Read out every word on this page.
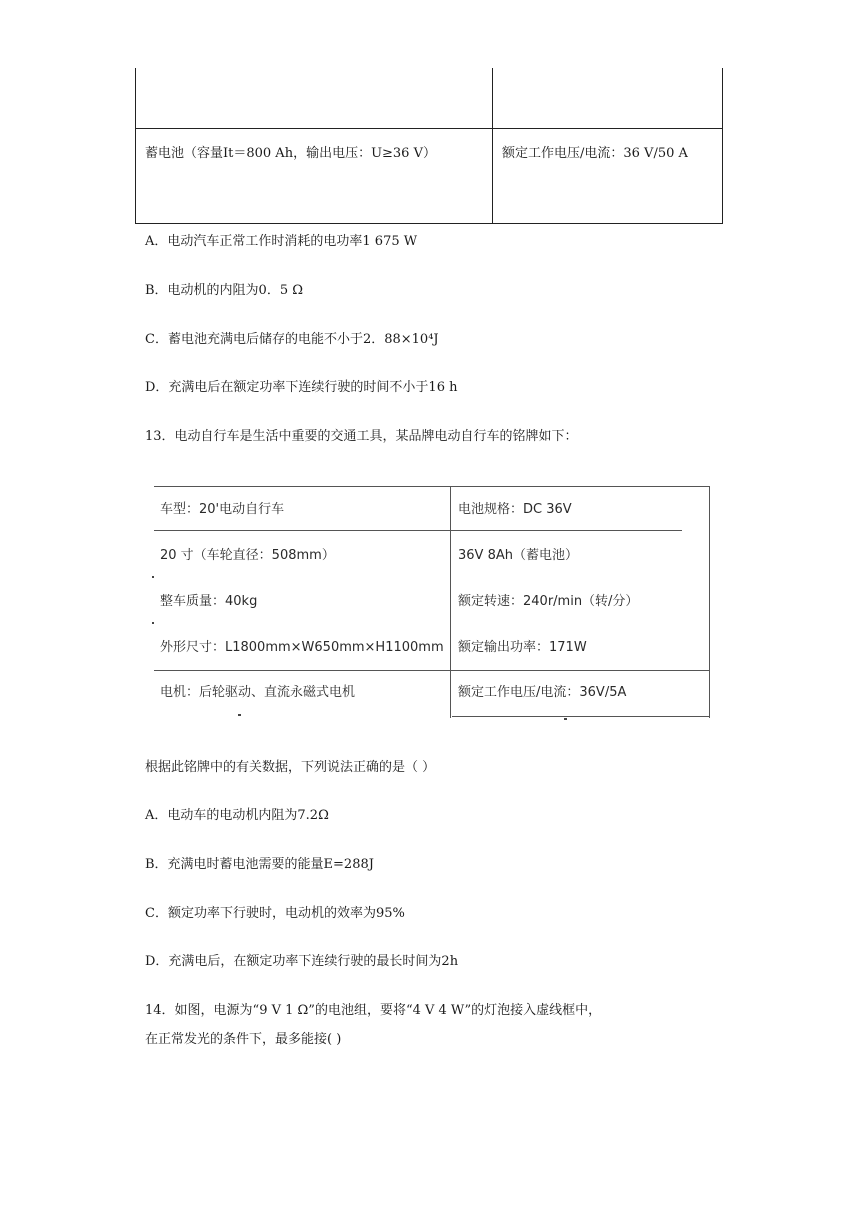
蓄电池（容量It＝800 Ah，输出电压：U≥36 V）	额定工作电压/电流：36 V/50 A
A．电动汽车正常工作时消耗的电功率1 675 W
B．电动机的内阻为0．5 Ω
C．蓄电池充满电后储存的电能不小于2．88×10⁴J
D．充满电后在额定功率下连续行驶的时间不小于16 h
13．电动自行车是生活中重要的交通工具，某品牌电动自行车的铭牌如下：
车型：20'电动自行车
20 寸（车轮直径：508mm）
整车质量：40kg
外形尺寸：L1800mm×W650mm×H1100mm
电机：后轮驱动、直流永磁式电机
电池规格：DC 36V
36V 8Ah（蓄电池）
额定转速：240r/min（转/分）
额定输出功率：171W
额定工作电压/电流：36V/5A
根据此铭牌中的有关数据，下列说法正确的是（ ）
A．电动车的电动机内阻为7.2Ω
B．充满电时蓄电池需要的能量E=288J
C．额定功率下行驶时，电动机的效率为95%
D．充满电后，在额定功率下连续行驶的最长时间为2h
14．如图，电源为“9 V 1 Ω”的电池组，要将“4 V 4 W”的灯泡接入虚线框中，
在正常发光的条件下，最多能接( )
